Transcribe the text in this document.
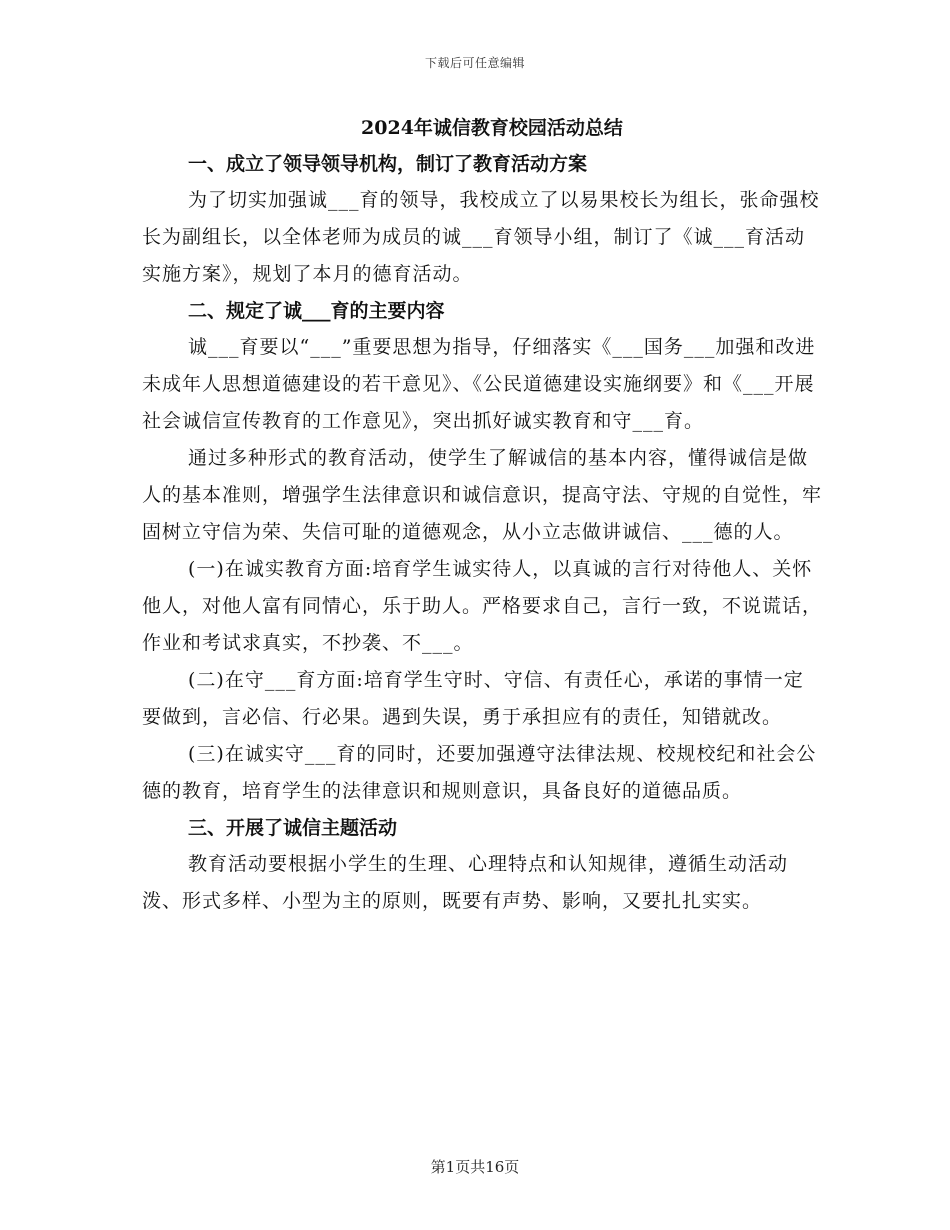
下载后可任意编辑
2024年诚信教育校园活动总结
一、成立了领导领导机构，制订了教育活动方案
为了切实加强诚___育的领导，我校成立了以易果校长为组长，张命强校长为副组长，以全体老师为成员的诚___育领导小组，制订了《诚___育活动实施方案》，规划了本月的德育活动。
二、规定了诚___育的主要内容
诚___育要以“___”重要思想为指导，仔细落实《___国务___加强和改进未成年人思想道德建设的若干意见》、《公民道德建设实施纲要》和《___开展社会诚信宣传教育的工作意见》，突出抓好诚实教育和守___育。
通过多种形式的教育活动，使学生了解诚信的基本内容，懂得诚信是做人的基本准则，增强学生法律意识和诚信意识，提高守法、守规的自觉性，牢固树立守信为荣、失信可耻的道德观念，从小立志做讲诚信、___德的人。
(一)在诚实教育方面:培育学生诚实待人，以真诚的言行对待他人、关怀他人，对他人富有同情心，乐于助人。严格要求自己，言行一致，不说谎话，作业和考试求真实，不抄袭、不___。
(二)在守___育方面:培育学生守时、守信、有责任心，承诺的事情一定要做到，言必信、行必果。遇到失误，勇于承担应有的责任，知错就改。
(三)在诚实守___育的同时，还要加强遵守法律法规、校规校纪和社会公德的教育，培育学生的法律意识和规则意识，具备良好的道德品质。
三、开展了诚信主题活动
教育活动要根据小学生的生理、心理特点和认知规律，遵循生动活动泼、形式多样、小型为主的原则，既要有声势、影响，又要扎扎实实。
第1页共16页
